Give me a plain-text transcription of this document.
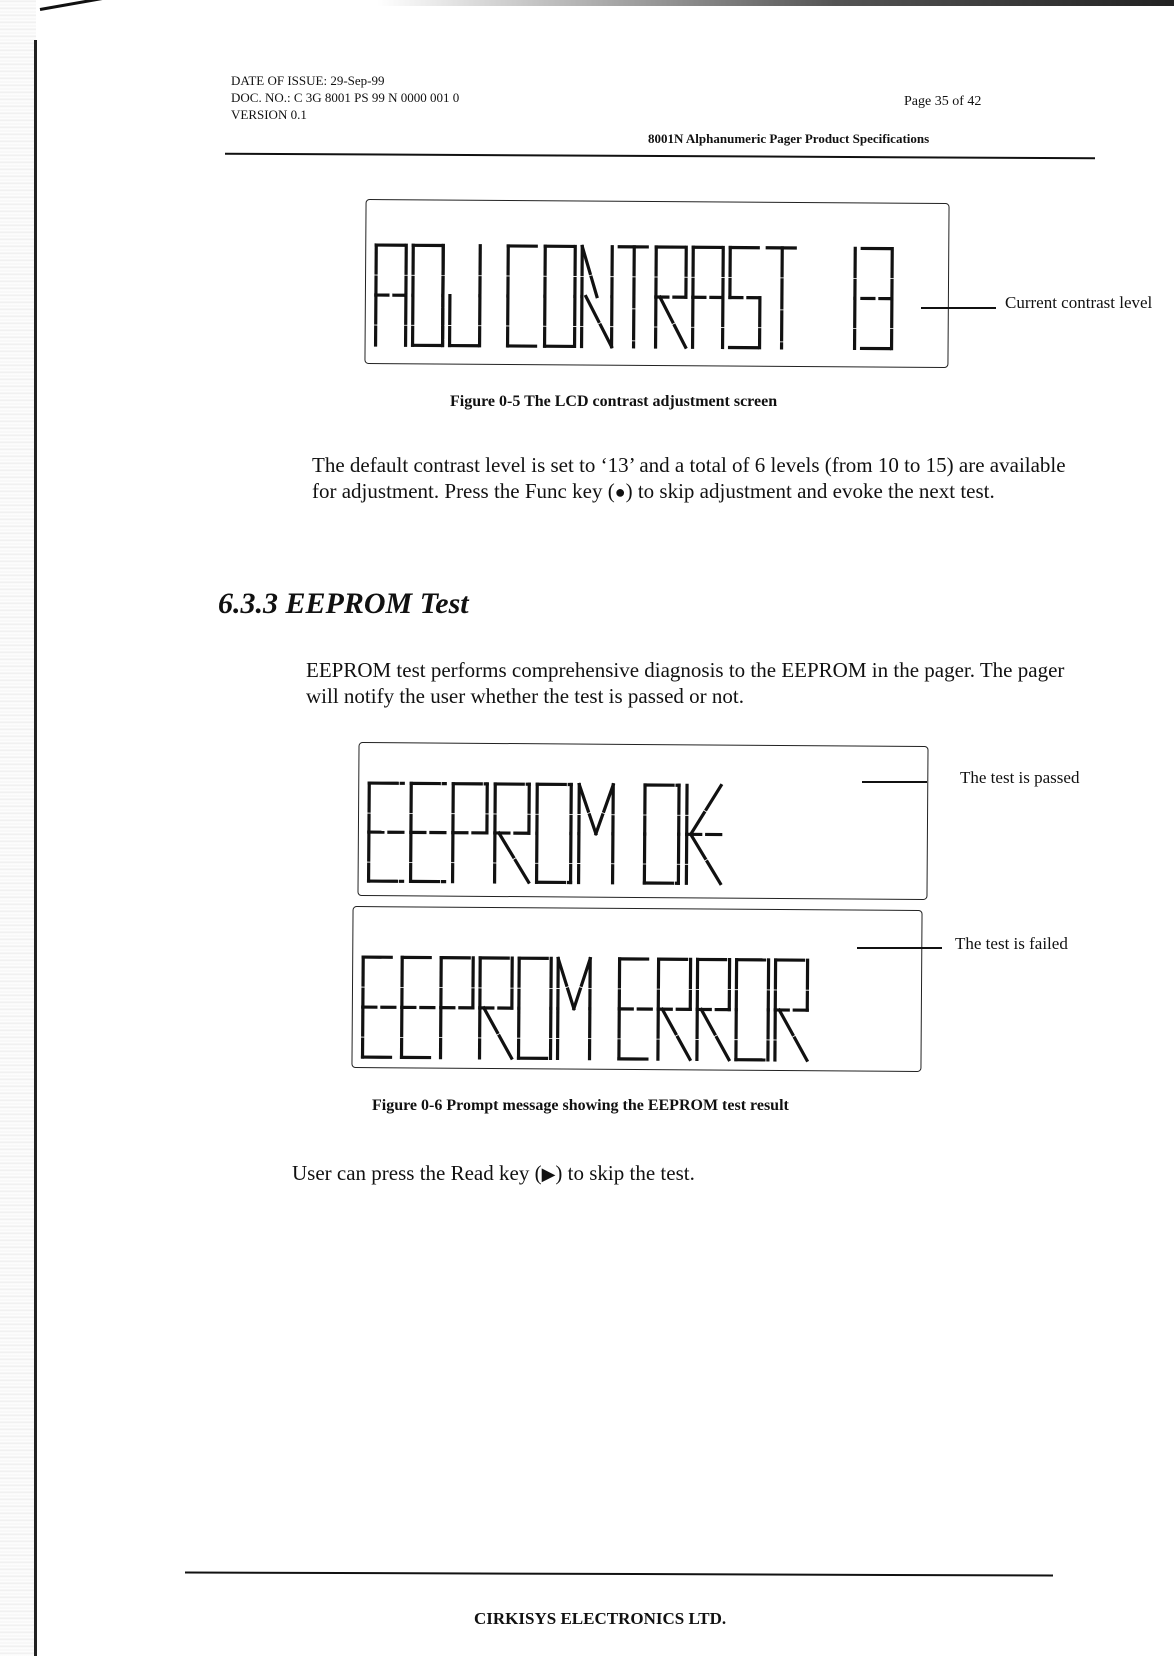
DATE OF ISSUE: 29-Sep-99
DOC. NO.: C 3G 8001 PS 99 N 0000 001 0
VERSION 0.1
Page 35 of 42
8001N Alphanumeric Pager Product Specifications
Current contrast level
Figure 0-5 The LCD contrast adjustment screen
The default contrast level is set to ‘13’ and a total of 6 levels (from 10 to 15) are available for adjustment. Press the Func key (●) to skip adjustment and evoke the next test.
6.3.3 EEPROM Test
EEPROM test performs comprehensive diagnosis to the EEPROM in the pager. The pager will notify the user whether the test is passed or not.
The test is passed
The test is failed
Figure 0-6 Prompt message showing the EEPROM test result
User can press the Read key (▶) to skip the test.
CIRKISYS ELECTRONICS LTD.
